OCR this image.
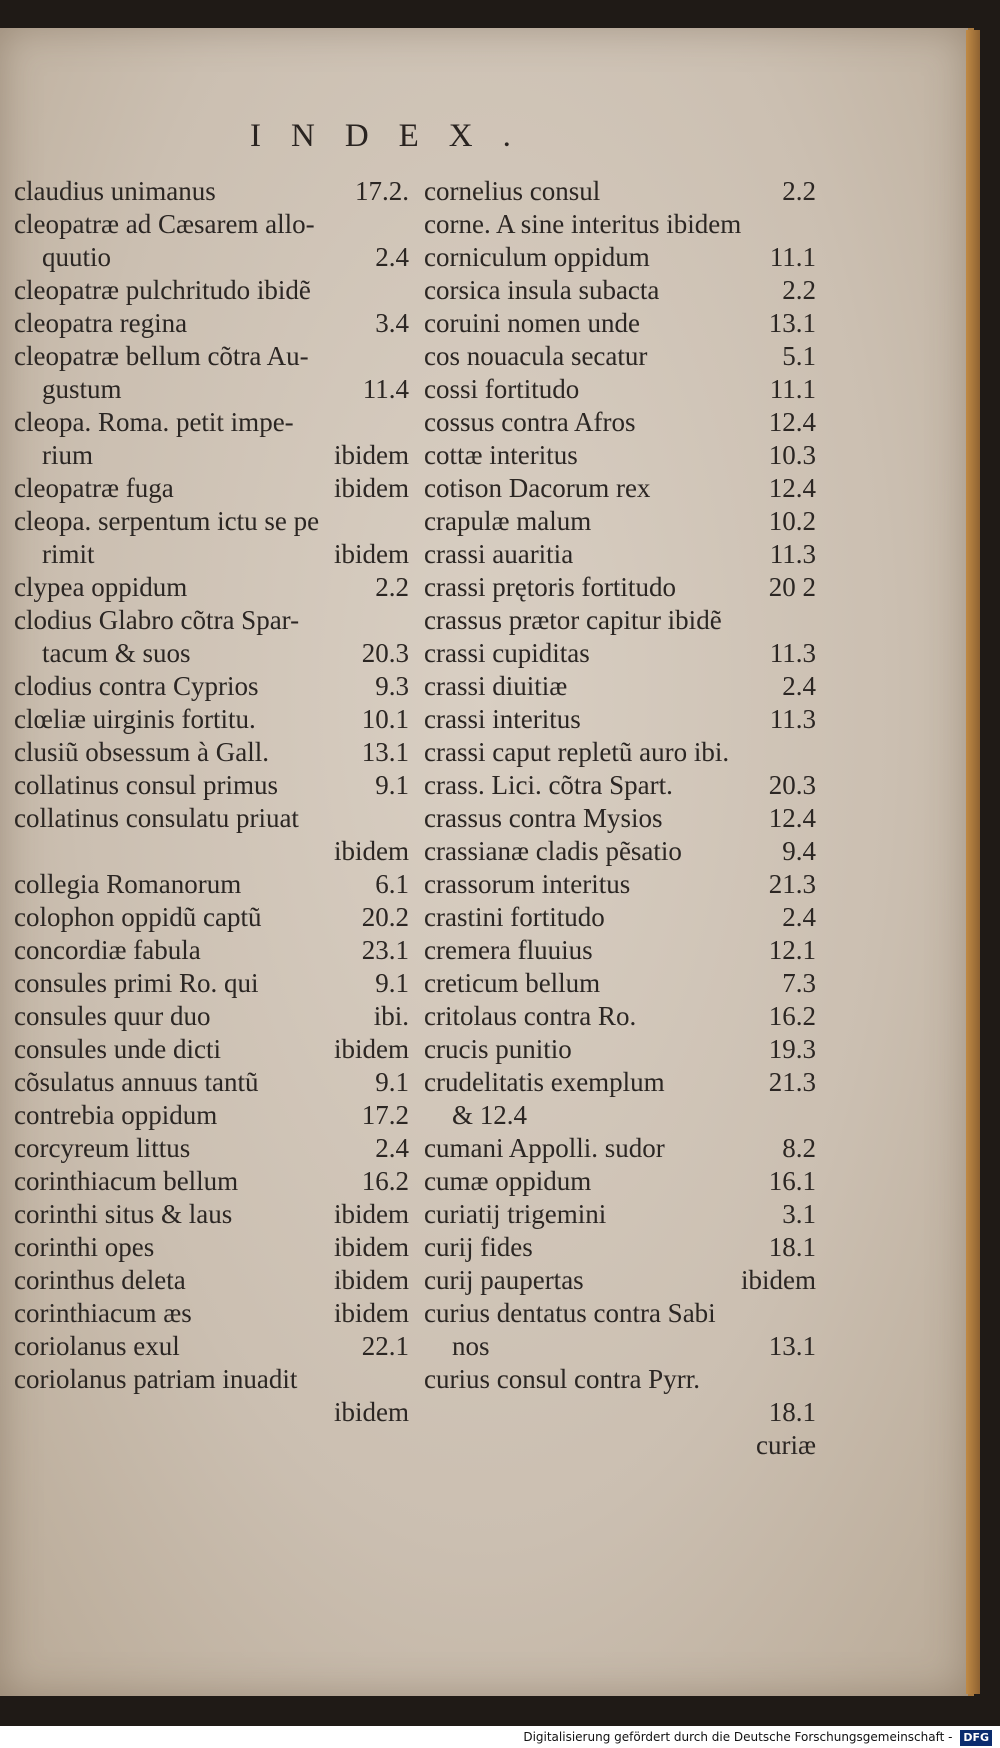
INDEX.
claudius unimanus	17.2.
cleopatræ ad Cæsarem allo-
quutio	2.4
cleopatræ pulchritudo ibidẽ
cleopatra regina	3.4
cleopatræ bellum cõtra Au-
gustum	11.4
cleopa. Roma. petit impe-
rium	ibidem
cleopatræ fuga	ibidem
cleopa. serpentum ictu se pe
rimit	ibidem
clypea oppidum	2.2
clodius Glabro cõtra Spar-
tacum & suos	20.3
clodius contra Cyprios	9.3
clœliæ uirginis fortitu.	10.1
clusiũ obsessum à Gall.	13.1
collatinus consul primus	9.1
collatinus consulatu priuat
ibidem
collegia Romanorum	6.1
colophon oppidũ captũ	20.2
concordiæ fabula	23.1
consules primi Ro. qui	9.1
consules quur duo	ibi.
consules unde dicti	ibidem
cõsulatus annuus tantũ	9.1
contrebia oppidum	17.2
corcyreum littus	2.4
corinthiacum bellum	16.2
corinthi situs & laus	ibidem
corinthi opes	ibidem
corinthus deleta	ibidem
corinthiacum æs	ibidem
coriolanus exul	22.1
coriolanus patriam inuadit
ibidem
cornelius consul	2.2
corne. A sine interitus ibidem
corniculum oppidum	11.1
corsica insula subacta	2.2
coruini nomen unde	13.1
cos nouacula secatur	5.1
cossi fortitudo	11.1
cossus contra Afros	12.4
cottæ interitus	10.3
cotison Dacorum rex	12.4
crapulæ malum	10.2
crassi auaritia	11.3
crassi prętoris fortitudo	20 2
crassus prætor capitur ibidẽ
crassi cupiditas	11.3
crassi diuitiæ	2.4
crassi interitus	11.3
crassi caput repletũ auro ibi.
crass. Lici. cõtra Spart.	20.3
crassus contra Mysios	12.4
crassianæ cladis pẽsatio	9.4
crassorum interitus	21.3
crastini fortitudo	2.4
cremera fluuius	12.1
creticum bellum	7.3
critolaus contra Ro.	16.2
crucis punitio	19.3
crudelitatis exemplum	21.3
& 12.4
cumani Appolli. sudor	8.2
cumæ oppidum	16.1
curiatij trigemini	3.1
curij fides	18.1
curij paupertas	ibidem
curius dentatus contra Sabi
nos	13.1
curius consul contra Pyrr.
18.1
curiæ
Digitalisierung gefördert durch die Deutsche Forschungsgemeinschaft - DFG
